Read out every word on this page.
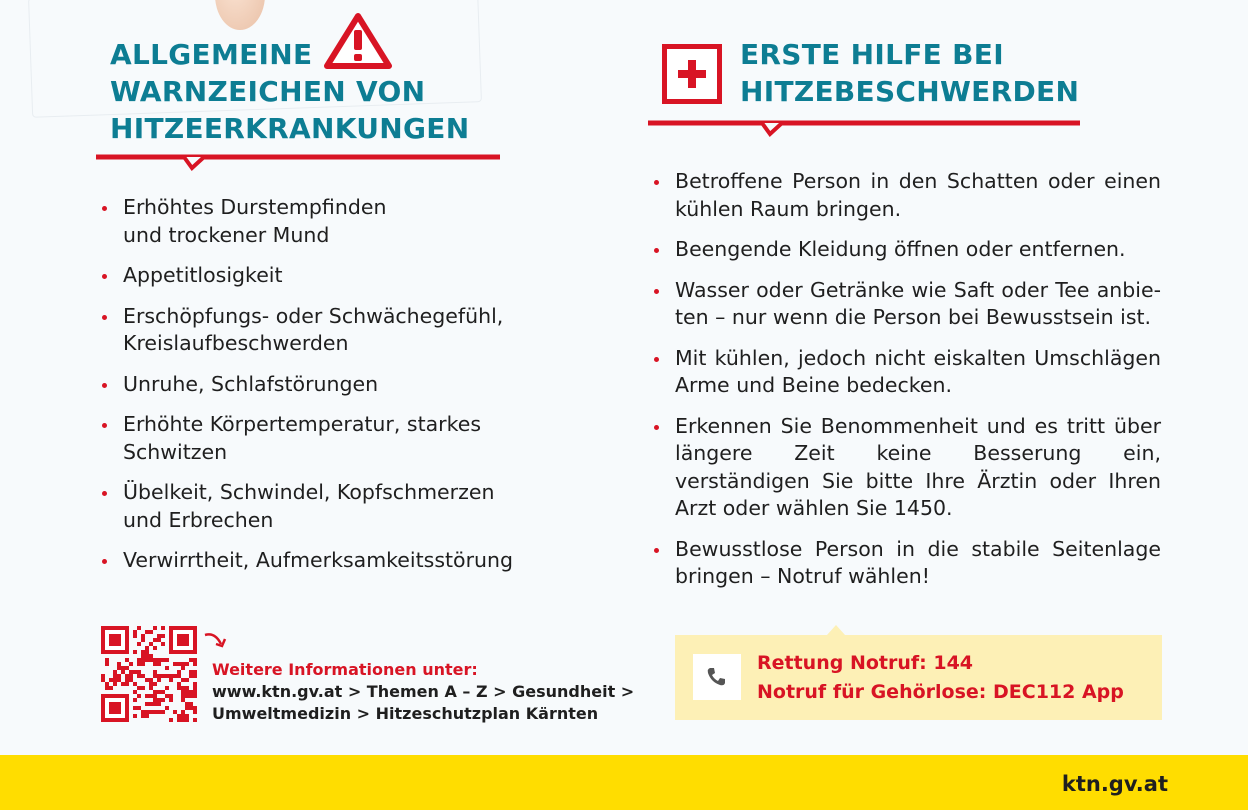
ALLGEMEINE
WARNZEICHEN VON
HITZEERKRANKUNGEN
ERSTE HILFE BEI
HITZEBESCHWERDEN
Erhöhtes Durstempfinden
und trockener Mund
Appetitlosigkeit
Erschöpfungs- oder Schwächegefühl,
Kreislaufbeschwerden
Unruhe, Schlafstörungen
Erhöhte Körpertemperatur, starkes
Schwitzen
Übelkeit, Schwindel, Kopfschmerzen
und Erbrechen
Verwirrtheit, Aufmerksamkeitsstörung
Betroffene Person in den Schatten oder einen kühlen Raum bringen.
Beengende Kleidung öffnen oder entfernen.
Wasser oder Getränke wie Saft oder Tee anbieten – nur wenn die Person bei Bewusstsein ist.
Mit kühlen, jedoch nicht eiskalten Umschlägen Arme und Beine bedecken.
Erkennen Sie Benommenheit und es tritt über längere Zeit keine Besserung ein, verständigen Sie bitte Ihre Ärztin oder Ihren Arzt oder wählen Sie 1450.
Bewusstlose Person in die stabile Seitenlage bringen – Notruf wählen!
Weitere Informationen unter:
www.ktn.gv.at > Themen A – Z > Gesundheit >
Umweltmedizin > Hitzeschutzplan Kärnten
Rettung Notruf: 144
Notruf für Gehörlose: DEC112 App
ktn.gv.at
